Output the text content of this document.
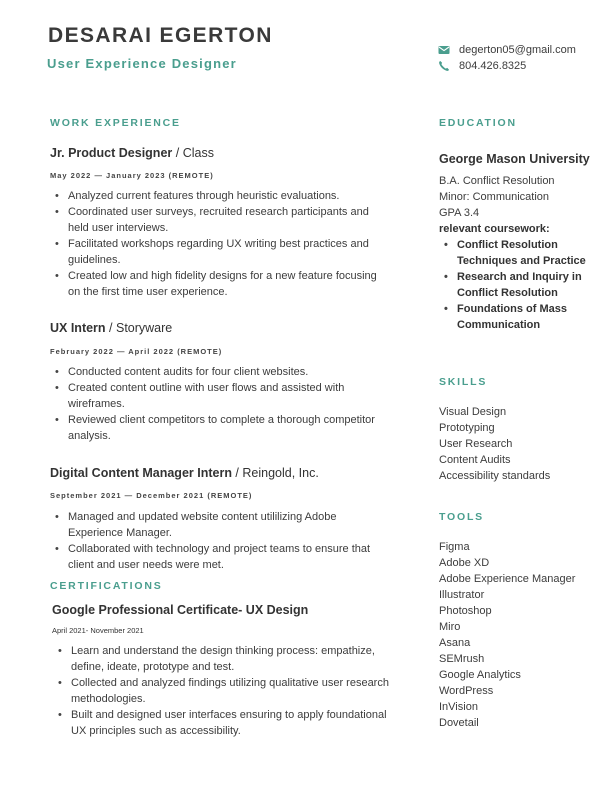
DESARAI EGERTON
User Experience Designer
degerton05@gmail.com
804.426.8325
WORK EXPERIENCE
Jr. Product Designer / Class
May 2022 — January 2023 (REMOTE)
• Analyzed current features through heuristic evaluations.
• Coordinated user surveys, recruited research participants and held user interviews.
• Facilitated workshops regarding UX writing best practices and guidelines.
• Created low and high fidelity designs for a new feature focusing on the first time user experience.
UX Intern / Storyware
February 2022 — April 2022 (REMOTE)
• Conducted content audits for four client websites.
• Created content outline with user flows and assisted with wireframes.
• Reviewed client competitors to complete a thorough competitor analysis.
Digital Content Manager Intern / Reingold, Inc.
September 2021 — December 2021 (REMOTE)
• Managed and updated website content utililizing Adobe Experience Manager.
• Collaborated with technology and project teams to ensure that client and user needs were met.
CERTIFICATIONS
Google Professional Certificate- UX Design
April 2021- November 2021
• Learn and understand the design thinking process: empathize, define, ideate, prototype and test.
• Collected and analyzed findings utilizing qualitative user research methodologies.
• Built and designed user interfaces ensuring to apply foundational UX principles such as accessibility.
EDUCATION
George Mason University
B.A. Conflict Resolution
Minor: Communication
GPA 3.4
relevant coursework:
• Conflict Resolution Techniques and Practice
• Research and Inquiry in Conflict Resolution
• Foundations of Mass Communication
SKILLS
Visual Design
Prototyping
User Research
Content Audits
Accessibility standards
TOOLS
Figma
Adobe XD
Adobe Experience Manager
Illustrator
Photoshop
Miro
Asana
SEMrush
Google Analytics
WordPress
InVision
Dovetail
